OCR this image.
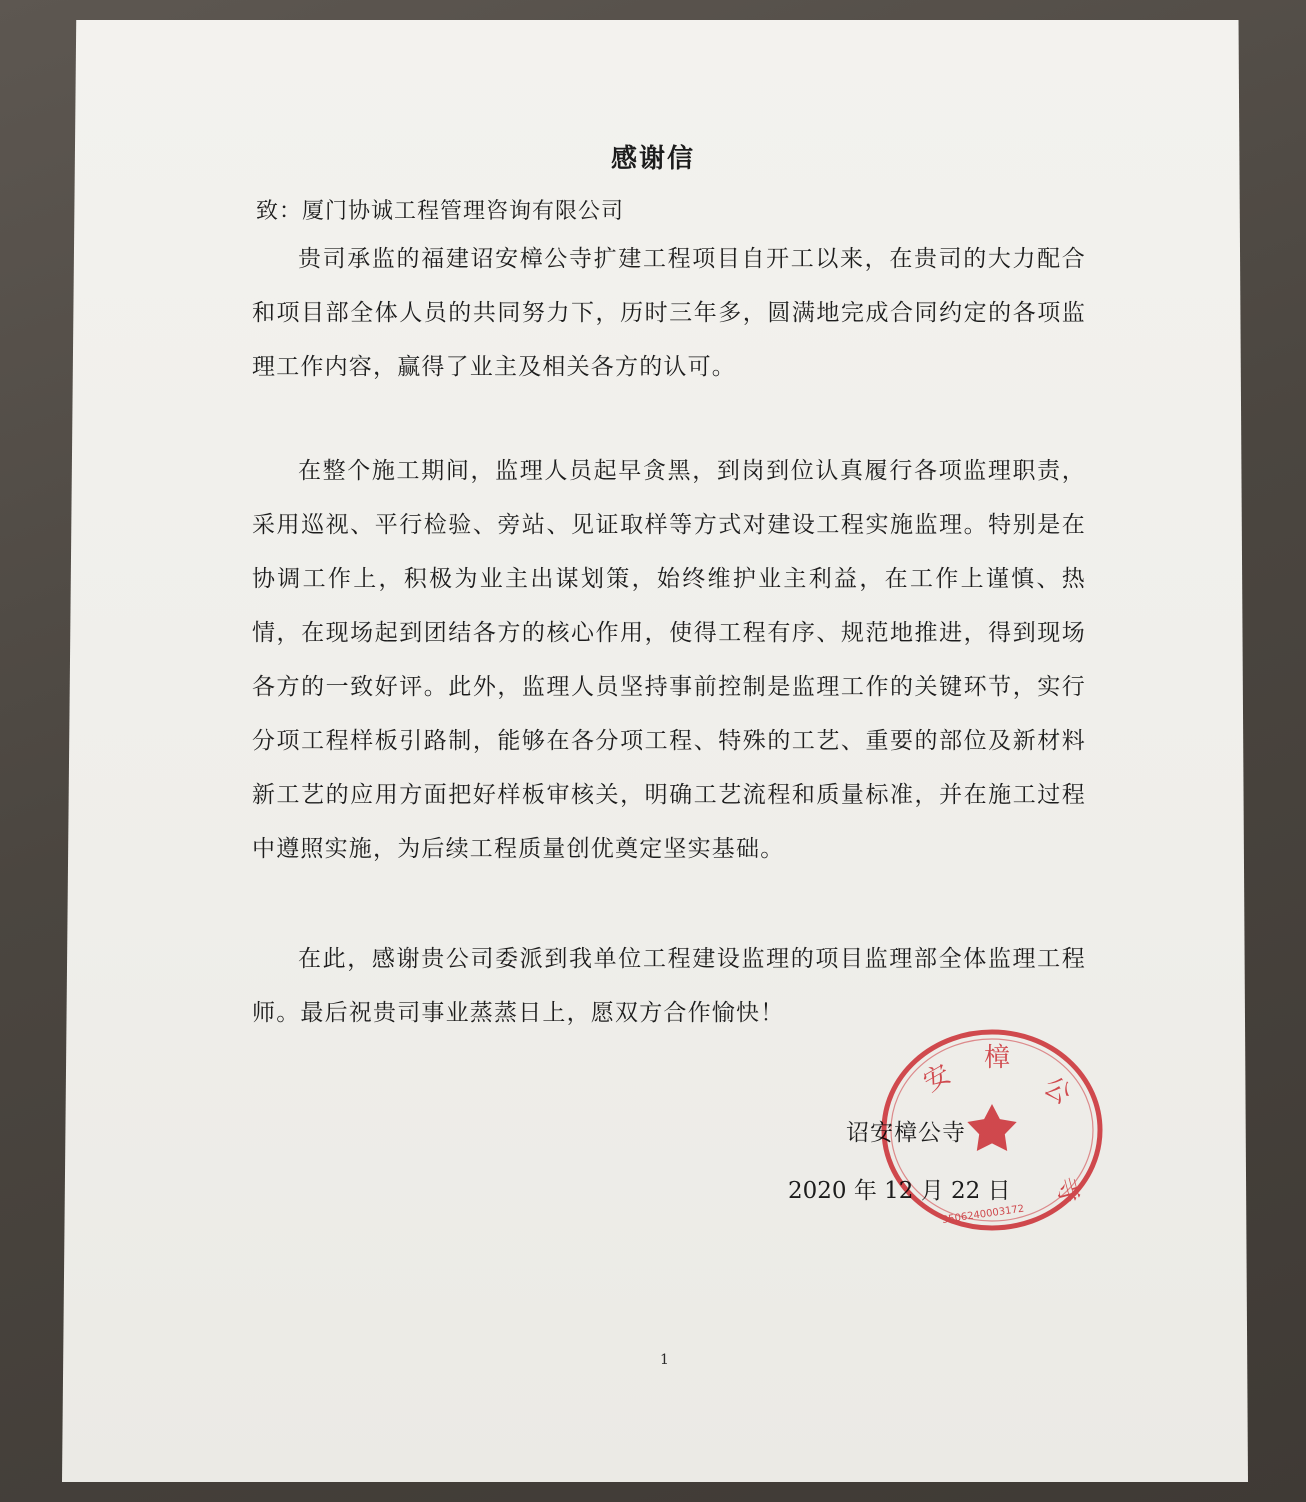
感谢信

致：厦门协诚工程管理咨询有限公司

贵司承监的福建诏安樟公寺扩建工程项目自开工以来，在贵司的大力配合和项目部全体人员的共同努力下，历时三年多，圆满地完成合同约定的各项监理工作内容，赢得了业主及相关各方的认可。

在整个施工期间，监理人员起早贪黑，到岗到位认真履行各项监理职责，采用巡视、平行检验、旁站、见证取样等方式对建设工程实施监理。特别是在协调工作上，积极为业主出谋划策，始终维护业主利益，在工作上谨慎、热情，在现场起到团结各方的核心作用，使得工程有序、规范地推进，得到现场各方的一致好评。此外，监理人员坚持事前控制是监理工作的关键环节，实行分项工程样板引路制，能够在各分项工程、特殊的工艺、重要的部位及新材料新工艺的应用方面把好样板审核关，明确工艺流程和质量标准，并在施工过程中遵照实施，为后续工程质量创优奠定坚实基础。

在此，感谢贵公司委派到我单位工程建设监理的项目监理部全体监理工程师。最后祝贵司事业蒸蒸日上，愿双方合作愉快！

诏安樟公寺

2020 年 12 月 22 日

安
樟
公
寺
3506240003172

1
